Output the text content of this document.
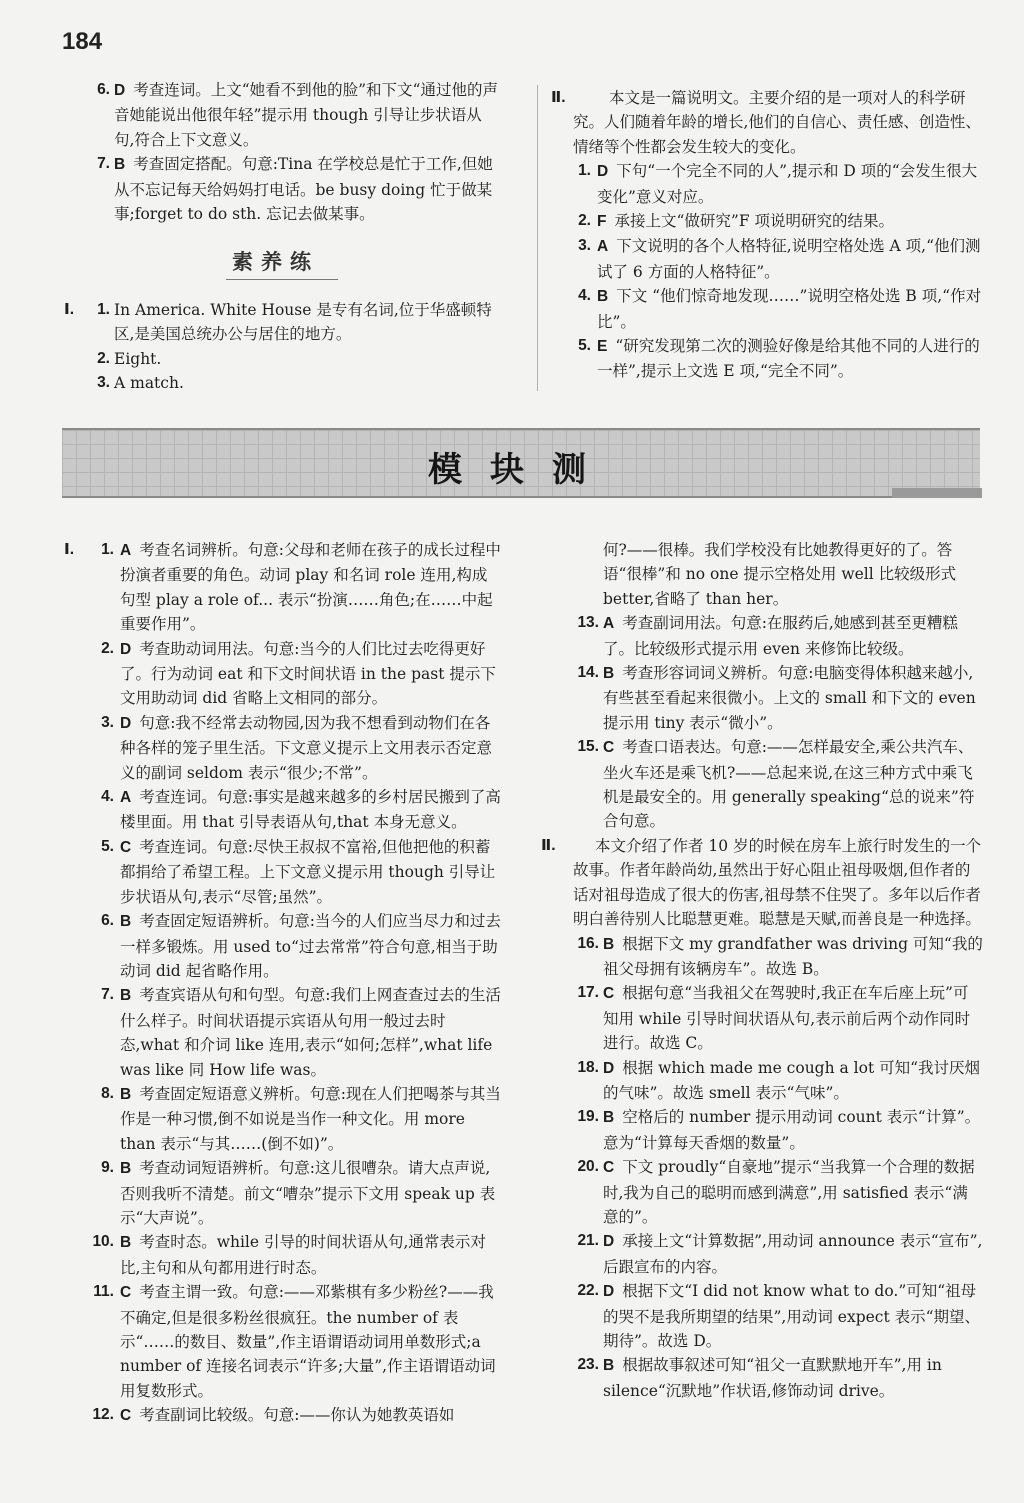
184
6. D 考查连词。上文“她看不到他的脸”和下文“通过他的声音她能说出他很年轻”提示用 though 引导让步状语从句,符合上下文意义。
7. B 考查固定搭配。句意:Tina 在学校总是忙于工作,但她从不忘记每天给妈妈打电话。be busy doing 忙于做某事;forget to do sth. 忘记去做某事。
素养练
Ⅰ.	1. In America. White House 是专有名词,位于华盛顿特区,是美国总统办公与居住的地方。
2. Eight.
3. A match.
Ⅱ.	本文是一篇说明文。主要介绍的是一项对人的科学研究。人们随着年龄的增长,他们的自信心、责任感、创造性、情绪等个性都会发生较大的变化。
1. D 下句“一个完全不同的人”,提示和 D 项的“会发生很大变化”意义对应。
2. F 承接上文“做研究”F 项说明研究的结果。
3. A 下文说明的各个人格特征,说明空格处选 A 项,“他们测试了 6 方面的人格特征”。
4. B 下文 “他们惊奇地发现……”说明空格处选 B 项,“作对比”。
5. E “研究发现第二次的测验好像是给其他不同的人进行的一样”,提示上文选 E 项,“完全不同”。
模块测
Ⅰ.	1. A 考查名词辨析。句意:父母和老师在孩子的成长过程中扮演者重要的角色。动词 play 和名词 role 连用,构成句型 play a role of... 表示“扮演……角色;在……中起重要作用”。
2. D 考查助动词用法。句意:当今的人们比过去吃得更好了。行为动词 eat 和下文时间状语 in the past 提示下文用助动词 did 省略上文相同的部分。
3. D 句意:我不经常去动物园,因为我不想看到动物们在各种各样的笼子里生活。下文意义提示上文用表示否定意义的副词 seldom 表示“很少;不常”。
4. A 考查连词。句意:事实是越来越多的乡村居民搬到了高楼里面。用 that 引导表语从句,that 本身无意义。
5. C 考查连词。句意:尽快王叔叔不富裕,但他把他的积蓄都捐给了希望工程。上下文意义提示用 though 引导让步状语从句,表示“尽管;虽然”。
6. B 考查固定短语辨析。句意:当今的人们应当尽力和过去一样多锻炼。用 used to“过去常常”符合句意,相当于助动词 did 起省略作用。
7. B 考查宾语从句和句型。句意:我们上网查查过去的生活什么样子。时间状语提示宾语从句用一般过去时态,what 和介词 like 连用,表示“如何;怎样”,what life was like 同 How life was。
8. B 考查固定短语意义辨析。句意:现在人们把喝茶与其当作是一种习惯,倒不如说是当作一种文化。用 more than 表示“与其……(倒不如)”。
9. B 考查动词短语辨析。句意:这儿很嘈杂。请大点声说,否则我听不清楚。前文“嘈杂”提示下文用 speak up 表示“大声说”。
10. B 考查时态。while 引导的时间状语从句,通常表示对比,主句和从句都用进行时态。
11. C 考查主谓一致。句意:——邓紫棋有多少粉丝?——我不确定,但是很多粉丝很疯狂。the number of 表示“……的数目、数量”,作主语谓语动词用单数形式;a number of 连接名词表示“许多;大量”,作主语谓语动词用复数形式。
12. C 考查副词比较级。句意:——你认为她教英语如
何?——很棒。我们学校没有比她教得更好的了。答语“很棒”和 no one 提示空格处用 well 比较级形式 better,省略了 than her。
13. A 考查副词用法。句意:在服药后,她感到甚至更糟糕了。比较级形式提示用 even 来修饰比较级。
14. B 考查形容词词义辨析。句意:电脑变得体积越来越小,有些甚至看起来很微小。上文的 small 和下文的 even 提示用 tiny 表示“微小”。
15. C 考查口语表达。句意:——怎样最安全,乘公共汽车、坐火车还是乘飞机?——总起来说,在这三种方式中乘飞机是最安全的。用 generally speaking“总的说来”符合句意。
Ⅱ.	本文介绍了作者 10 岁的时候在房车上旅行时发生的一个故事。作者年龄尚幼,虽然出于好心阻止祖母吸烟,但作者的话对祖母造成了很大的伤害,祖母禁不住哭了。多年以后作者明白善待别人比聪慧更难。聪慧是天赋,而善良是一种选择。
16. B 根据下文 my grandfather was driving 可知“我的祖父母拥有该辆房车”。故选 B。
17. C 根据句意“当我祖父在驾驶时,我正在车后座上玩”可知用 while 引导时间状语从句,表示前后两个动作同时进行。故选 C。
18. D 根据 which made me cough a lot 可知“我讨厌烟的气味”。故选 smell 表示“气味”。
19. B 空格后的 number 提示用动词 count 表示“计算”。意为“计算每天香烟的数量”。
20. C 下文 proudly“自豪地”提示“当我算一个合理的数据时,我为自己的聪明而感到满意”,用 satisfied 表示“满意的”。
21. D 承接上文“计算数据”,用动词 announce 表示“宣布”,后跟宣布的内容。
22. D 根据下文“I did not know what to do.”可知“祖母的哭不是我所期望的结果”,用动词 expect 表示“期望、期待”。故选 D。
23. B 根据故事叙述可知“祖父一直默默地开车”,用 in silence“沉默地”作状语,修饰动词 drive。
